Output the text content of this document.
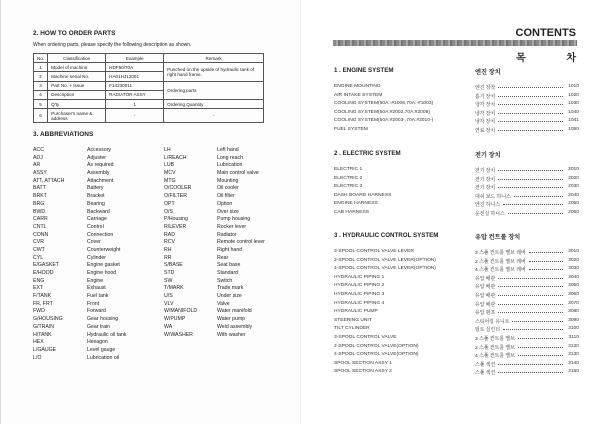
2. HOW TO ORDER PARTS
When ordering parts, please specify the following description as shown.
No.	Classification	Example	Remark
1	Model of machine	HDF50/70A	Punched on the upside of hydraulic tank of right hand frame.
2	Machine serial No.	HA01HJ12001	
3	Part No. + Issue	F14230011	Ordering parts
4	Description	RADIATOR ASSY	
5	Q'ty	1	Ordering Quantity
6	Purchaser's name & address	-	-
3. ABBREVIATIONS
ACC	Accessory	LH	Left hand
ADJ	Adjuster	L/REACH	Long reach
AR	As required	LUB	Lubrication
ASSY	Assembly	MCV	Main control valve
ATT, ATTACH	Attachment	MTG	Mounting
BATT	Battery	O/COOLER	Oil cooler
BRKT	Bracket	O/FILTER	Oil filter
BRG	Bearing	OPT	Option
BWD	Backward	O/S	Over size
CARR	Carriage	P/Housing	Pump housing
CNTL	Control	R/LEVER	Rocker lever
CONN	Connection	RAD	Radiator
CVR	Cover	RCV	Remote control lever
CWT	Counterweight	RH	Right hand
CYL	Cylinder	RR	Rear
E/GASKET	Engine gasket	S/BASE	Seat base
E/HOOD	Engine hood	STD	Standard
ENG	Engine	SW	Switch
EXT	Exhaust	T/MARK	Trade mark
F/TANK	Fuel tank	U/S	Under size
FR, FRT	Front	VLV	Valve
FWD	Forward	W/MANIFOLD	Water manifold
G/HOUSING	Gear housing	W/PUMP	Water pump
G/TRAIN	Gear train	WA	Weld assembly
H/TANK	Hydraulic oil tank	W/WASHER	With washer
HEX	Hexagon
L/GAUGE	Level gauge
L/O	Lubrication oil
CONTENTS
목	차
1 . ENGINE SYSTEM	엔진 장치
ENGINE MOUNTING	엔진 장착	1010
AIR INTAKE SYSTEM	흡기 장치	1020
COOLING SYSTEM(50A:-#1006,70A:-#1003)	냉각 장치	1030
COOLING SYSTEM(50A:#2002,70A:#2009)	냉각 장치	1040
COOLING SYSTEM(50A:#2003-,70A:#2010-)	냉각 장치	1041
FUEL SYSTEM	연료 장치	1050
2 . ELECTRIC SYSTEM	전기 장치
ELECTRIC 1	전기 장치	2010
ELECTRIC 2	전기 장치	2020
ELECTRIC 3	전기 장치	2030
DASH BOARD HARNESS	대쉬 보드 하니스	2040
ENGINE HARNESS	엔진 하니스	2050
CAB HARNESS	운전실 하니스	2060
3 . HYDRAULIC CONTROL SYSTEM	유압 컨트롤 장치
3-SPOOL CONTROL VALVE LEVER	3 스풀 컨트롤 밸브 레버	3010
2-SPOOL CONTROL VALVE LEVER(OPTION)	2 스풀 컨트롤 밸브 레버	3020
4-SPOOL CONTROL VALVE LEVER(OPTION)	4 스풀 컨트롤 밸브 레버	3030
HYDRAULIC PIPING 1	유압 배관	3040
HYDRAULIC PIPING 2	유압 배관	3050
HYDRAULIC PIPING 3	유압 배관	3060
HYDRAULIC PIPING 4	유압 배관	3070
HYDRAULIC PUMP	유압 펌프	3080
STEERING UNIT	스티어링 유니트	3090
TILT CYLINDER	틸트 실린더	3100
3-SPOOL CONTROL VALVE	3 스풀 컨트롤 밸브	3110
2-SPOOL CONTROL VALVE(OPTION)	2 스풀 컨트롤 밸브	3120
4-SPOOL CONTROL VALVE(OPTION)	4 스풀 컨트롤 밸브	3130
SPOOL SECTION ASSY 1	스풀 섹션	3140
SPOOL SECTION ASSY 2	스풀 섹션	3150
